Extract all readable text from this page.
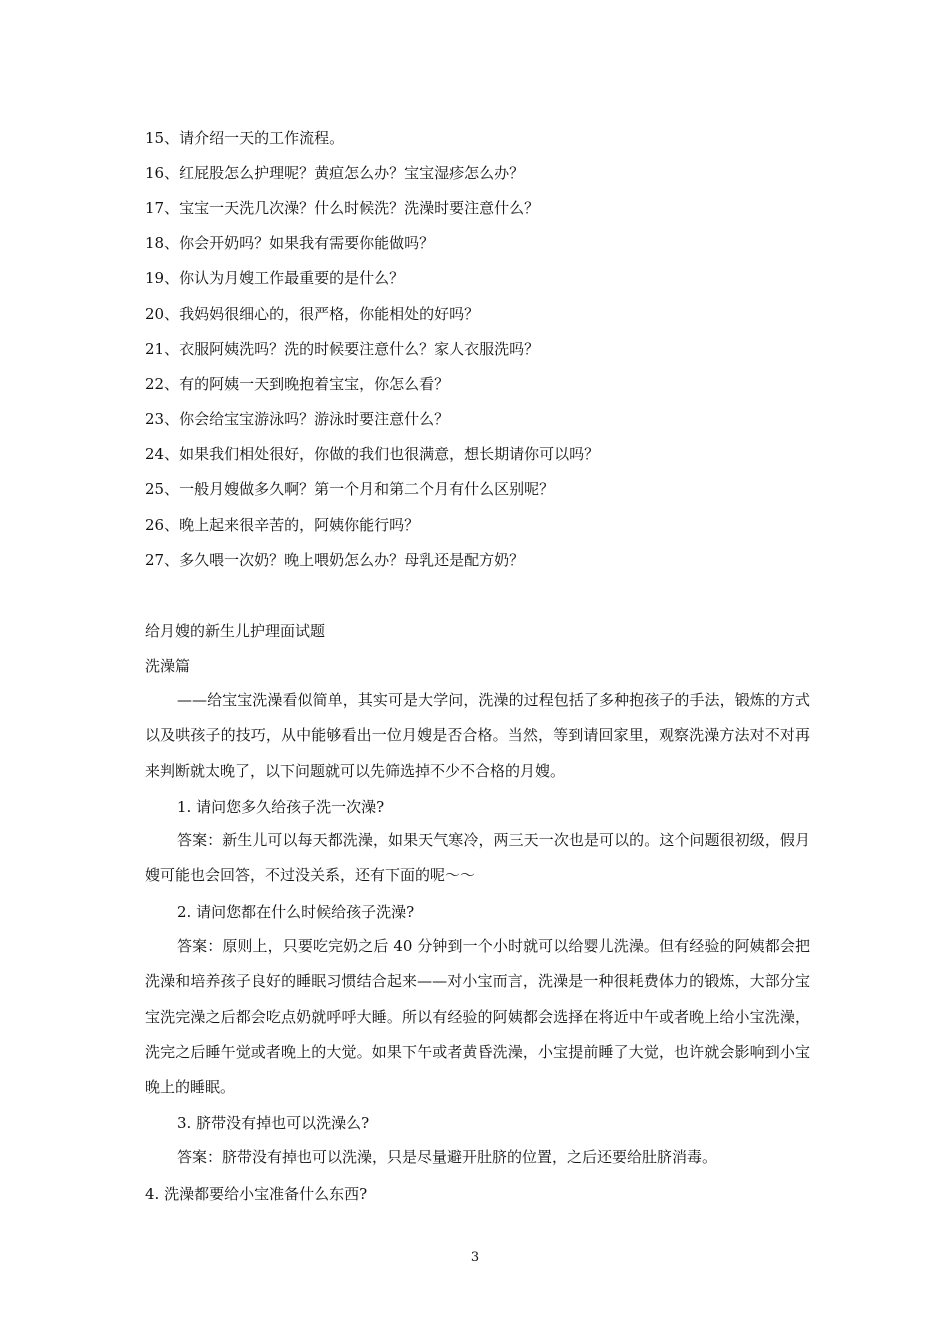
15、请介绍一天的工作流程。
16、红屁股怎么护理呢？黄疸怎么办？宝宝湿疹怎么办？
17、宝宝一天洗几次澡？什么时候洗？洗澡时要注意什么？
18、你会开奶吗？如果我有需要你能做吗？
19、你认为月嫂工作最重要的是什么？
20、我妈妈很细心的，很严格，你能相处的好吗？
21、衣服阿姨洗吗？洗的时候要注意什么？家人衣服洗吗？
22、有的阿姨一天到晚抱着宝宝，你怎么看？
23、你会给宝宝游泳吗？游泳时要注意什么？
24、如果我们相处很好，你做的我们也很满意，想长期请你可以吗？
25、一般月嫂做多久啊？第一个月和第二个月有什么区别呢？
26、晚上起来很辛苦的，阿姨你能行吗？
27、多久喂一次奶？晚上喂奶怎么办？母乳还是配方奶？
给月嫂的新生儿护理面试题
洗澡篇

——给宝宝洗澡看似简单，其实可是大学问，洗澡的过程包括了多种抱孩子的手法，锻炼的方式以及哄孩子的技巧，从中能够看出一位月嫂是否合格。当然，等到请回家里，观察洗澡方法对不对再来判断就太晚了，以下问题就可以先筛选掉不少不合格的月嫂。

1. 请问您多久给孩子洗一次澡?

答案：新生儿可以每天都洗澡，如果天气寒冷，两三天一次也是可以的。这个问题很初级，假月嫂可能也会回答，不过没关系，还有下面的呢～～

2. 请问您都在什么时候给孩子洗澡?

答案：原则上，只要吃完奶之后 40 分钟到一个小时就可以给婴儿洗澡。但有经验的阿姨都会把洗澡和培养孩子良好的睡眠习惯结合起来——对小宝而言，洗澡是一种很耗费体力的锻炼，大部分宝宝洗完澡之后都会吃点奶就呼呼大睡。所以有经验的阿姨都会选择在将近中午或者晚上给小宝洗澡，洗完之后睡午觉或者晚上的大觉。如果下午或者黄昏洗澡，小宝提前睡了大觉，也许就会影响到小宝晚上的睡眠。

3. 脐带没有掉也可以洗澡么?

答案：脐带没有掉也可以洗澡，只是尽量避开肚脐的位置，之后还要给肚脐消毒。

4. 洗澡都要给小宝准备什么东西?
3
